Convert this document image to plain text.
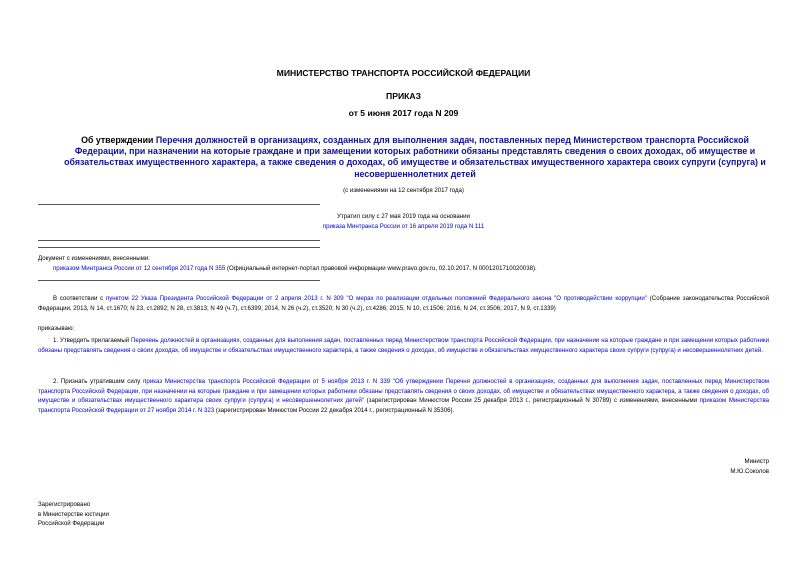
МИНИСТЕРСТВО ТРАНСПОРТА РОССИЙСКОЙ ФЕДЕРАЦИИ
ПРИКАЗ
от 5 июня 2017 года N 209
Об утверждении Перечня должностей в организациях, созданных для выполнения задач, поставленных перед Министерством транспорта Российской Федерации, при назначении на которые граждане и при замещении которых работники обязаны представлять сведения о своих доходах, об имуществе и обязательствах имущественного характера, а также сведения о доходах, об имуществе и обязательствах имущественного характера своих супруги (супруга) и несовершеннолетних детей
(с изменениями на 12 сентября 2017 года)
Утратил силу с 27 мая 2019 года на основании
приказа Минтранса России от 16 апреля 2019 года N 111
Документ с изменениями, внесенными:
приказом Минтранса России от 12 сентября 2017 года N 355 (Официальный интернет-портал правовой информации www.pravo.gov.ru, 02.10.2017, N 0001201710020038).
В соответствии с пунктом 22 Указа Президента Российской Федерации от 2 апреля 2013 г. N 309 "О мерах по реализации отдельных положений Федерального закона "О противодействии коррупции" (Собрание законодательства Российской Федерации, 2013, N 14, ст.1670; N 23, ст.2892; N 28, ст.3813; N 49 (ч.7), ст.6399; 2014, N 26 (ч.2), ст.3520; N 30 (ч.2), ст.4286; 2015, N 10, ст.1506; 2016, N 24, ст.3506; 2017, N 9, ст.1339)
приказываю:
1. Утвердить прилагаемый Перечень должностей в организациях, созданных для выполнения задач, поставленных перед Министерством транспорта Российской Федерации, при назначении на которые граждане и при замещении которых работники обязаны представлять сведения о своих доходах, об имуществе и обязательствах имущественного характера, а также сведения о доходах, об имуществе и обязательствах имущественного характера своих супруги (супруга) и несовершеннолетних детей.
2. Признать утратившим силу приказ Министерства транспорта Российской Федерации от 5 ноября 2013 г. N 339 "Об утверждении Перечня должностей в организациях, созданных для выполнения задач, поставленных перед Министерством транспорта Российской Федерации, при назначении на которые граждане и при замещении которых работники обязаны представлять сведения о своих доходах, об имуществе и обязательствах имущественного характера, а также сведения о доходах, об имуществе и обязательствах имущественного характера своих супруги (супруга) и несовершеннолетних детей" (зарегистрирован Минюстом России 25 декабря 2013 г., регистрационный N 30789) с изменениями, внесенными приказом Министерства транспорта Российской Федерации от 27 ноября 2014 г. N 323 (зарегистрирован Минюстом России 22 декабря 2014 г., регистрационный N 35306).
Министр
М.Ю.Соколов
Зарегистрировано
в Министерстве юстиции
Российской Федерации
